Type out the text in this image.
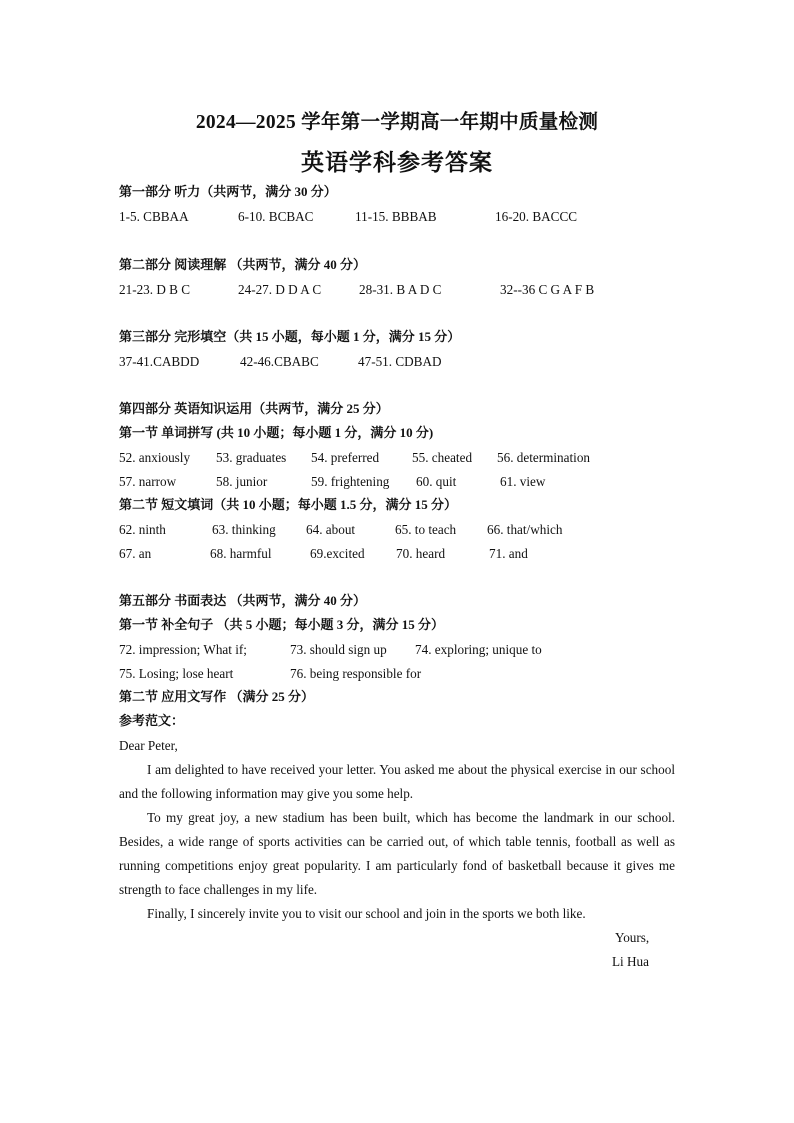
2024—2025 学年第一学期高一年期中质量检测
英语学科参考答案
第一部分 听力（共两节，满分 30 分）
1-5. CBBAA	6-10. BCBAC	11-15. BBBAB	16-20. BACCC
第二部分 阅读理解 （共两节，满分 40 分）
21-23. D B C	24-27. D D A C	28-31. B A D C	32--36 C G A F B
第三部分 完形填空（共 15 小题，每小题 1 分，满分 15 分）
37-41.CABDD	42-46.CBABC	47-51. CDBAD
第四部分 英语知识运用（共两节，满分 25 分）
第一节 单词拼写 (共 10 小题；每小题 1 分，满分 10 分)
52. anxiously 53. graduates 54. preferred 55. cheated 56. determination
57. narrow	58. junior	59. frightening 60. quit	61. view
第二节 短文填词（共 10 小题；每小题 1.5 分，满分 15 分）
62. ninth	63. thinking 64. about	65. to teach 66. that/which
67. an	68. harmful	69.excited 70. heard	71. and
第五部分 书面表达 （共两节，满分 40 分）
第一节 补全句子 （共 5 小题；每小题 3 分，满分 15 分）
72. impression; What if;	73. should sign up 74. exploring; unique to
75. Losing; lose heart	76. being responsible for
第二节 应用文写作 （满分 25 分）
参考范文：
Dear Peter,

I am delighted to have received your letter. You asked me about the physical exercise in our school and the following information may give you some help.

To my great joy, a new stadium has been built, which has become the landmark in our school. Besides, a wide range of sports activities can be carried out, of which table tennis, football as well as running competitions enjoy great popularity. I am particularly fond of basketball because it gives me strength to face challenges in my life.

Finally, I sincerely invite you to visit our school and join in the sports we both like.

Yours,
Li Hua
